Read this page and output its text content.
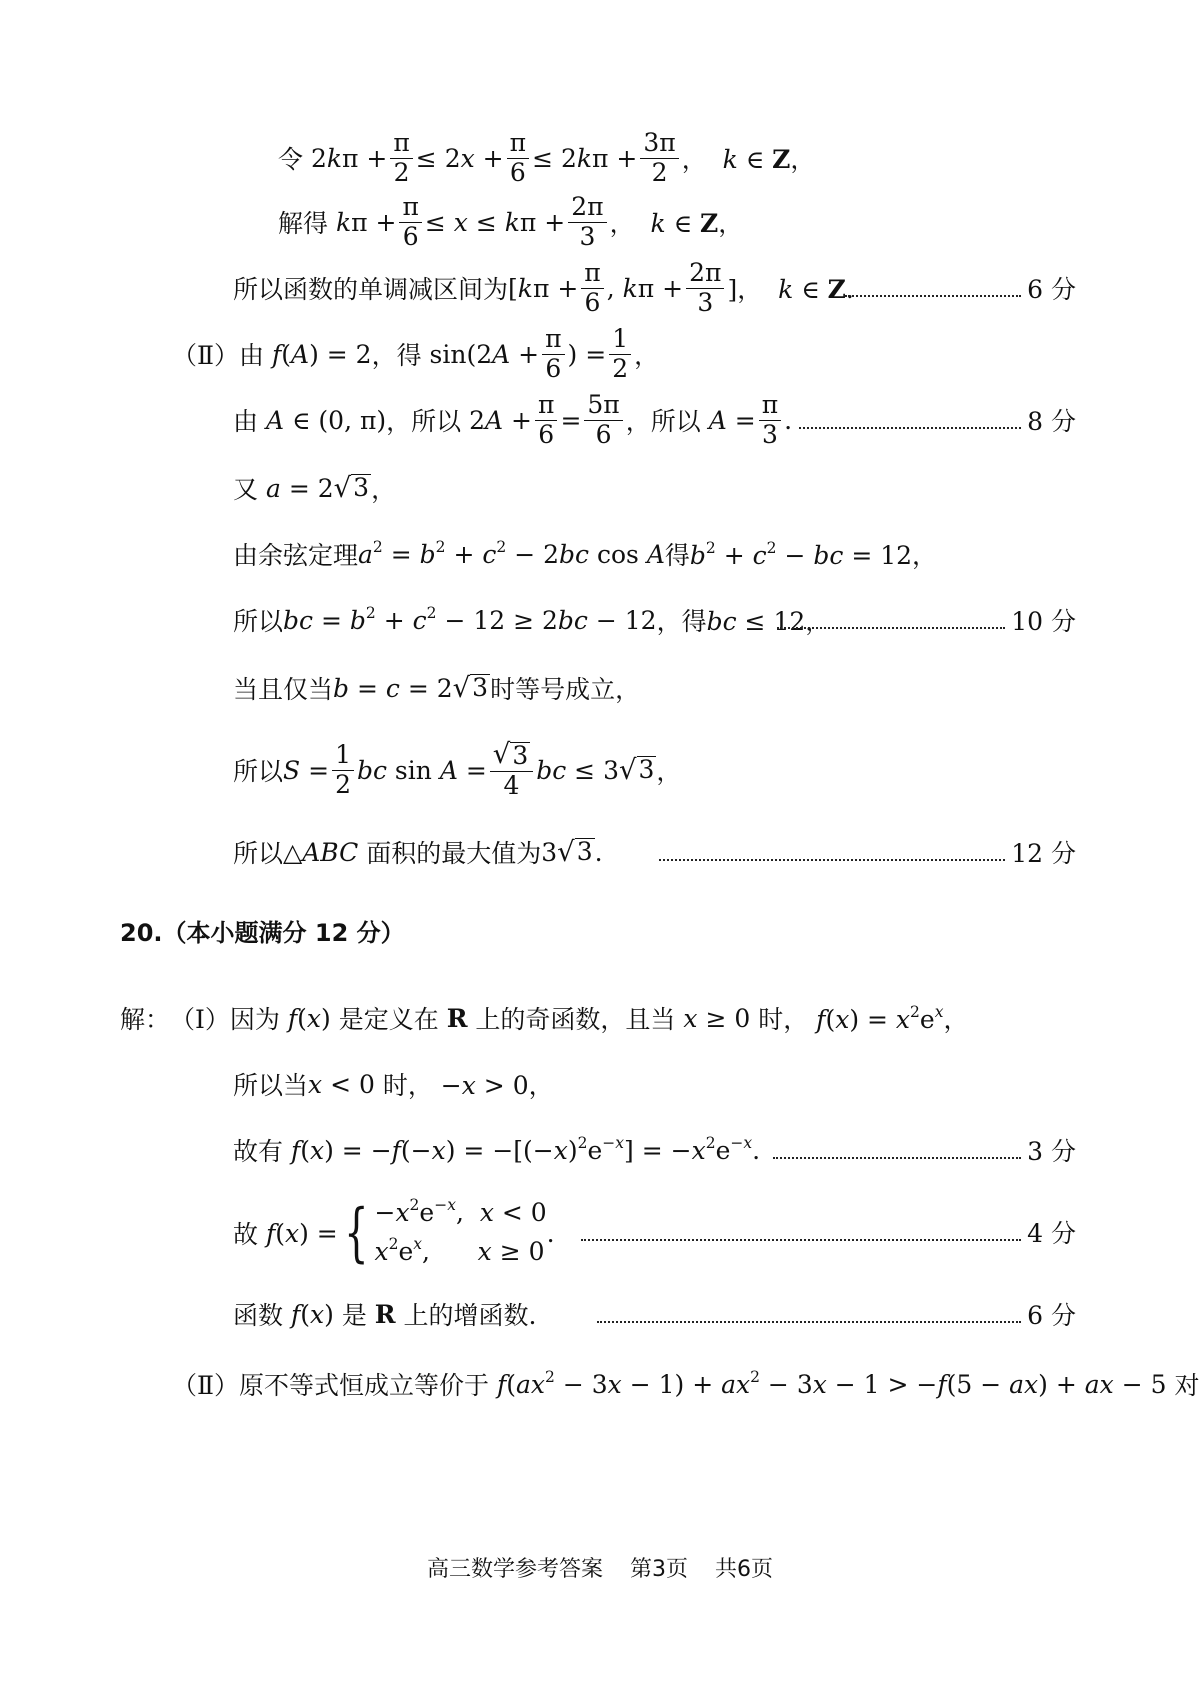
令 $2k\pi + \frac{\pi}{2} \le 2x + \frac{\pi}{6} \le 2k\pi + \frac{3\pi}{2}$ ，  k ∈ Z，
解得 $k\pi + \frac{\pi}{6} \le x \le k\pi + \frac{2\pi}{3}$ ，  k ∈ Z，
所以函数的单调减区间为 [$k\pi + \frac{\pi}{6}$ , $k\pi + \frac{2\pi}{3}$ ]，  k ∈ Z.	6 分
（Ⅱ） 由 f(A) = 2 ，得 $\sin(2A + \frac{\pi}{6}$ ) = $\frac{1}{2}$ ，
由 A ∈ (0, π) ，所以 $2A + \frac{\pi}{6} = \frac{5\pi}{6}$ ，所以 $A = \frac{\pi}{3}$ .	8 分
又 a = 2 √ 3 ，
由余弦定理 $a^2 = b^2 + c^2 - 2bc$ cos A 得 $b^2 + c^2$ − bc = 12，
所以 bc = $b^2 + c^2 - 12 \ge 2bc - 12$ ，得 bc ≤ 12，	10 分
当且仅当 b = c = 2 √ 3 时等号成立，
所以 $S = \frac{1}{2}$ bc $\sin A = \frac{√ 3}{4}$ bc ≤ 3 √ 3 ，
所以 △ABC 面积的最大值为 3 √ 3 .	12 分
20.（本小题满分 12 分）
解： （Ⅰ） 因为 f(x) 是定义在 R 上的奇函数，且当 x ≥ 0 时， $f(x) = x^2e^x$，
所以当 x < 0 时， −x > 0，
故有 $f(x) = -f(-x) = -[(-x)^2e^{-x}] = -x^2e^{-x}$.	3 分
故 f(x) = { $-x^2e^{-x}$,  x < 0
$x^2e^x$,      x ≥ 0
.	4 分
函数 f(x) 是 R 上的增函数.	6 分
（Ⅱ） 原不等式恒成立等价于 $f(ax^2 - 3x - 1) + ax^2 - 3x - 1 > -f(5 - ax)$ + ax − 5 对
高三数学参考答案 第3页 共6页
